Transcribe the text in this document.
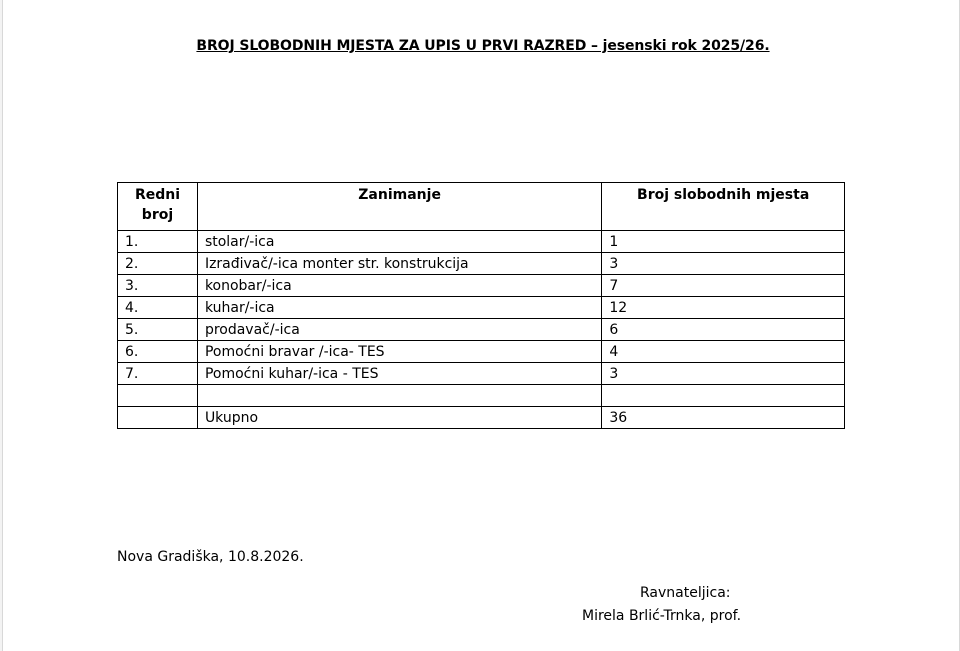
BROJ SLOBODNIH MJESTA ZA UPIS U PRVI RAZRED – jesenski rok 2025/26.
Redni broj	Zanimanje	Broj slobodnih mjesta
1.	stolar/-ica	1
2.	Izrađivač/-ica monter str. konstrukcija	3
3.	konobar/-ica	7
4.	kuhar/-ica	12
5.	prodavač/-ica	6
6.	Pomoćni bravar /-ica- TES	4
7.	Pomoćni kuhar/-ica - TES	3

	Ukupno	36
Nova Gradiška, 10.8.2026.
Ravnateljica:
Mirela Brlić-Trnka, prof.
